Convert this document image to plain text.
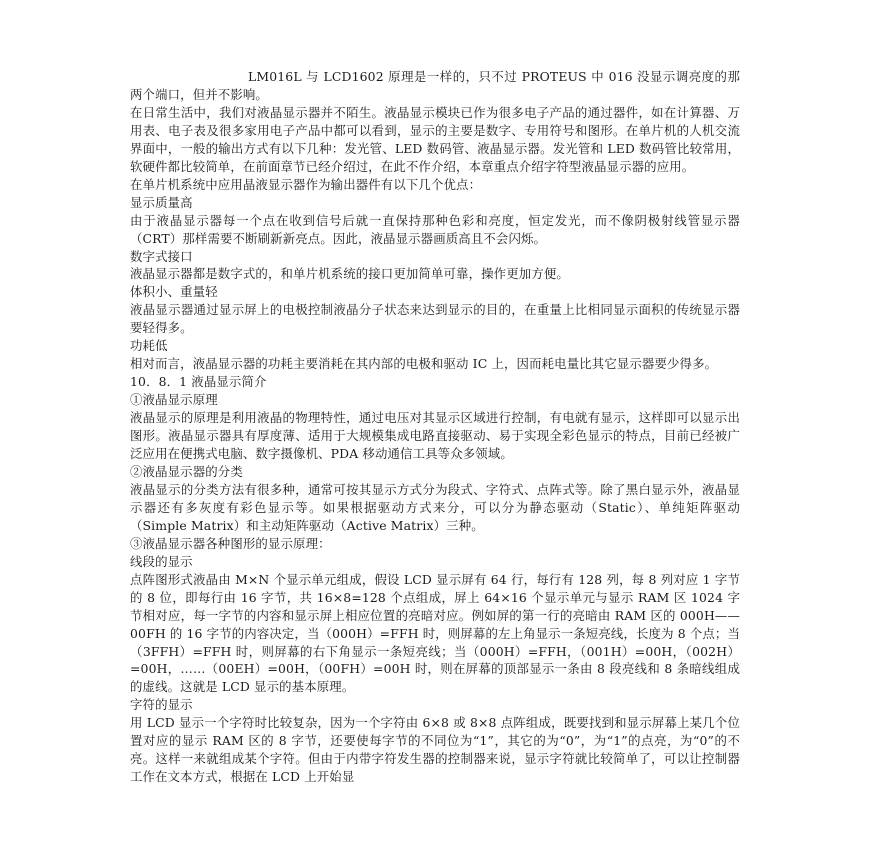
LM016L 与 LCD1602 原理是一样的，只不过 PROTEUS 中 016 没显示调亮度的那两个端口，但并不影响。

在日常生活中，我们对液晶显示器并不陌生。液晶显示模块已作为很多电子产品的通过器件，如在计算器、万用表、电子表及很多家用电子产品中都可以看到，显示的主要是数字、专用符号和图形。在单片机的人机交流界面中，一般的输出方式有以下几种：发光管、LED 数码管、液晶显示器。发光管和 LED 数码管比较常用，软硬件都比较简单，在前面章节已经介绍过，在此不作介绍，本章重点介绍字符型液晶显示器的应用。

在单片机系统中应用晶液显示器作为输出器件有以下几个优点：

显示质量高

由于液晶显示器每一个点在收到信号后就一直保持那种色彩和亮度，恒定发光，而不像阴极射线管显示器（CRT）那样需要不断刷新新亮点。因此，液晶显示器画质高且不会闪烁。

数字式接口

液晶显示器都是数字式的，和单片机系统的接口更加简单可靠，操作更加方便。

体积小、重量轻

液晶显示器通过显示屏上的电极控制液晶分子状态来达到显示的目的，在重量上比相同显示面积的传统显示器要轻得多。

功耗低

相对而言，液晶显示器的功耗主要消耗在其内部的电极和驱动 IC 上，因而耗电量比其它显示器要少得多。

10．8．1 液晶显示简介

①液晶显示原理

液晶显示的原理是利用液晶的物理特性，通过电压对其显示区域进行控制，有电就有显示，这样即可以显示出图形。液晶显示器具有厚度薄、适用于大规模集成电路直接驱动、易于实现全彩色显示的特点，目前已经被广泛应用在便携式电脑、数字摄像机、PDA 移动通信工具等众多领域。

②液晶显示器的分类

液晶显示的分类方法有很多种，通常可按其显示方式分为段式、字符式、点阵式等。除了黑白显示外，液晶显示器还有多灰度有彩色显示等。如果根据驱动方式来分，可以分为静态驱动（Static）、单纯矩阵驱动（Simple Matrix）和主动矩阵驱动（Active Matrix）三种。

③液晶显示器各种图形的显示原理：

线段的显示

点阵图形式液晶由 M×N 个显示单元组成，假设 LCD 显示屏有 64 行，每行有 128 列，每 8 列对应 1 字节的 8 位，即每行由 16 字节，共 16×8=128 个点组成，屏上 64×16 个显示单元与显示 RAM 区 1024 字节相对应，每一字节的内容和显示屏上相应位置的亮暗对应。例如屏的第一行的亮暗由 RAM 区的 000H——00FH 的 16 字节的内容决定，当（000H）=FFH 时，则屏幕的左上角显示一条短亮线，长度为 8 个点；当（3FFH）=FFH 时，则屏幕的右下角显示一条短亮线；当（000H）=FFH，（001H）=00H，（002H）=00H，……（00EH）=00H，（00FH）=00H 时，则在屏幕的顶部显示一条由 8 段亮线和 8 条暗线组成的虚线。这就是 LCD 显示的基本原理。

字符的显示

用 LCD 显示一个字符时比较复杂，因为一个字符由 6×8 或 8×8 点阵组成，既要找到和显示屏幕上某几个位置对应的显示 RAM 区的 8 字节，还要使每字节的不同位为“1”，其它的为“0”，为“1”的点亮，为“0”的不亮。这样一来就组成某个字符。但由于内带字符发生器的控制器来说，显示字符就比较简单了，可以让控制器工作在文本方式，根据在 LCD 上开始显
